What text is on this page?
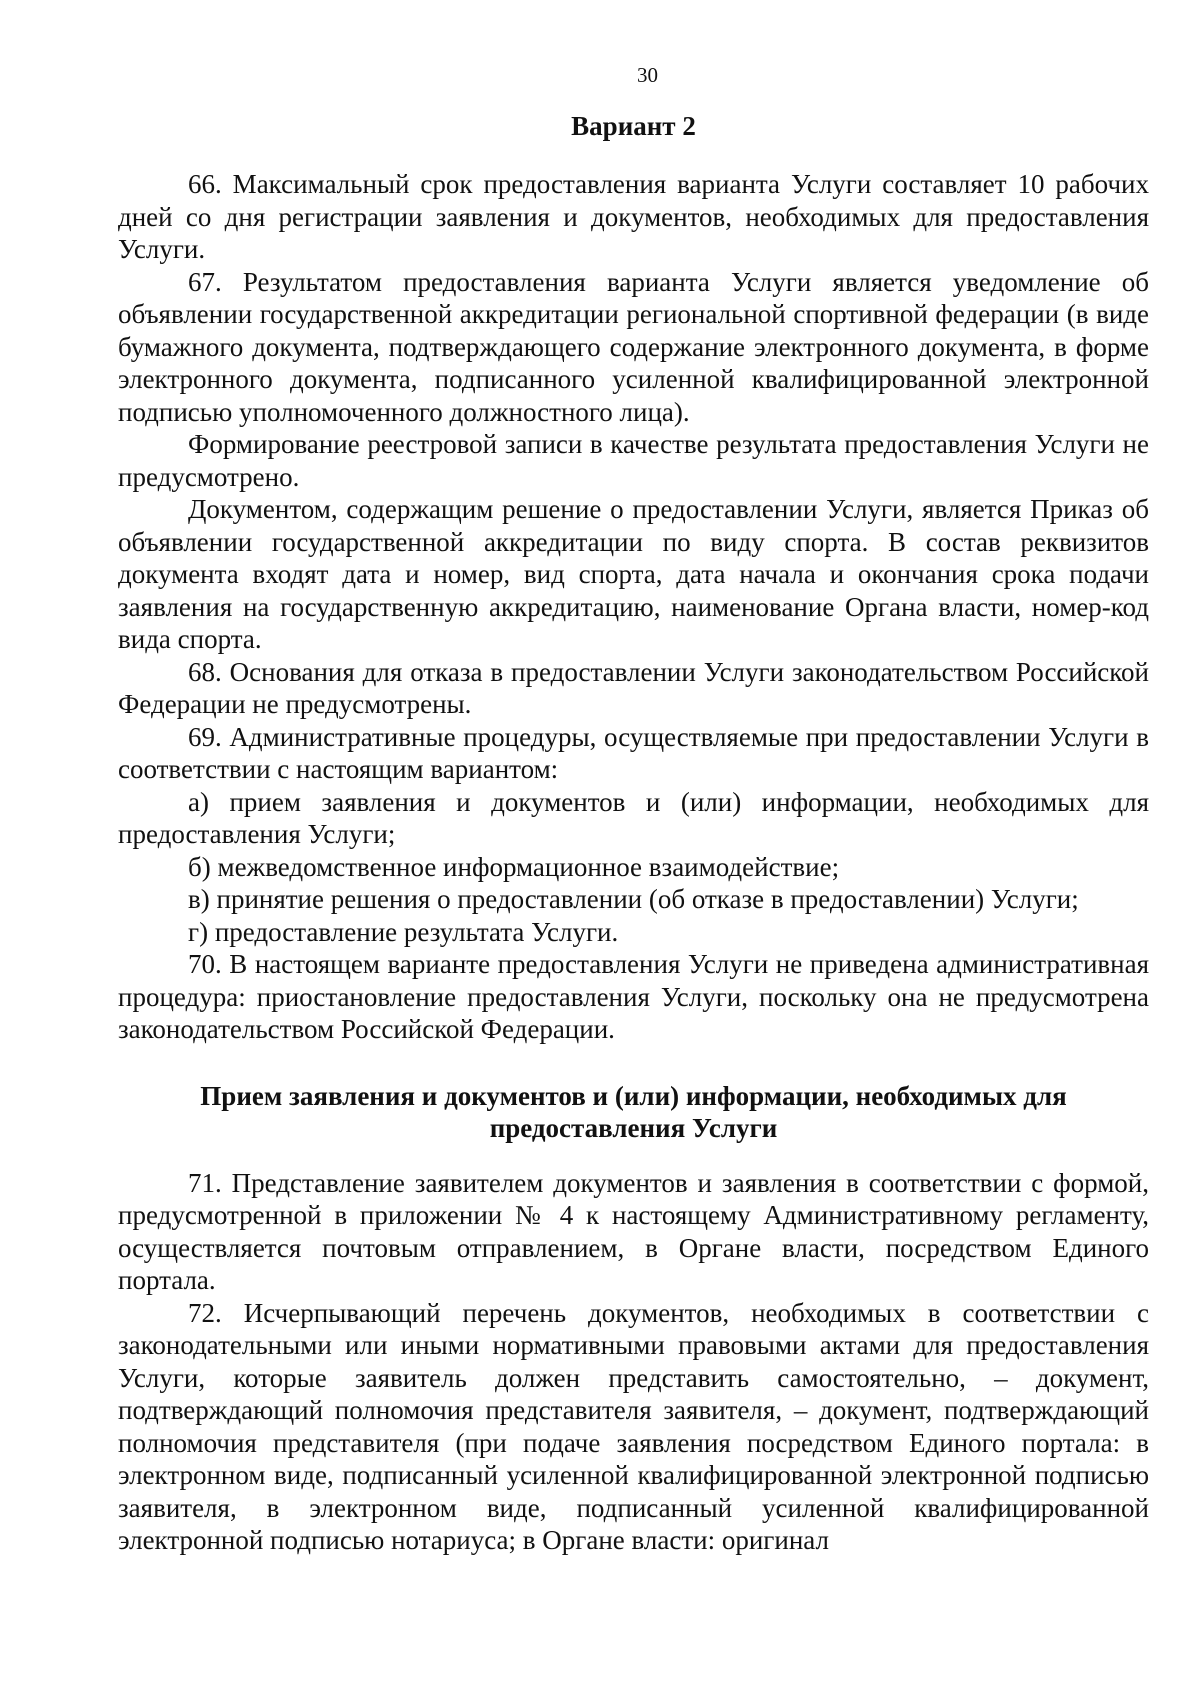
30
Вариант 2

66. Максимальный срок предоставления варианта Услуги составляет 10 рабочих дней со дня регистрации заявления и документов, необходимых для предоставления Услуги.

67. Результатом предоставления варианта Услуги является уведомление об объявлении государственной аккредитации региональной спортивной федерации (в виде бумажного документа, подтверждающего содержание электронного документа, в форме электронного документа, подписанного усиленной квалифицированной электронной подписью уполномоченного должностного лица).

Формирование реестровой записи в качестве результата предоставления Услуги не предусмотрено.

Документом, содержащим решение о предоставлении Услуги, является Приказ об объявлении государственной аккредитации по виду спорта. В состав реквизитов документа входят дата и номер, вид спорта, дата начала и окончания срока подачи заявления на государственную аккредитацию, наименование Органа власти, номер-код вида спорта.

68. Основания для отказа в предоставлении Услуги законодательством Российской Федерации не предусмотрены.

69. Административные процедуры, осуществляемые при предоставлении Услуги в соответствии с настоящим вариантом:

а) прием заявления и документов и (или) информации, необходимых для предоставления Услуги;

б) межведомственное информационное взаимодействие;

в) принятие решения о предоставлении (об отказе в предоставлении) Услуги;

г) предоставление результата Услуги.

70. В настоящем варианте предоставления Услуги не приведена административная процедура: приостановление предоставления Услуги, поскольку она не предусмотрена законодательством Российской Федерации.

Прием заявления и документов и (или) информации, необходимых для
предоставления Услуги

71. Представление заявителем документов и заявления в соответствии с формой, предусмотренной в приложении № 4 к настоящему Административному регламенту, осуществляется почтовым отправлением, в Органе власти, посредством Единого портала.

72. Исчерпывающий перечень документов, необходимых в соответствии с законодательными или иными нормативными правовыми актами для предоставления Услуги, которые заявитель должен представить самостоятельно, – документ, подтверждающий полномочия представителя заявителя, – документ, подтверждающий полномочия представителя (при подаче заявления посредством Единого портала: в электронном виде, подписанный усиленной квалифицированной электронной подписью заявителя, в электронном виде, подписанный усиленной квалифицированной электронной подписью нотариуса; в Органе власти: оригинал
